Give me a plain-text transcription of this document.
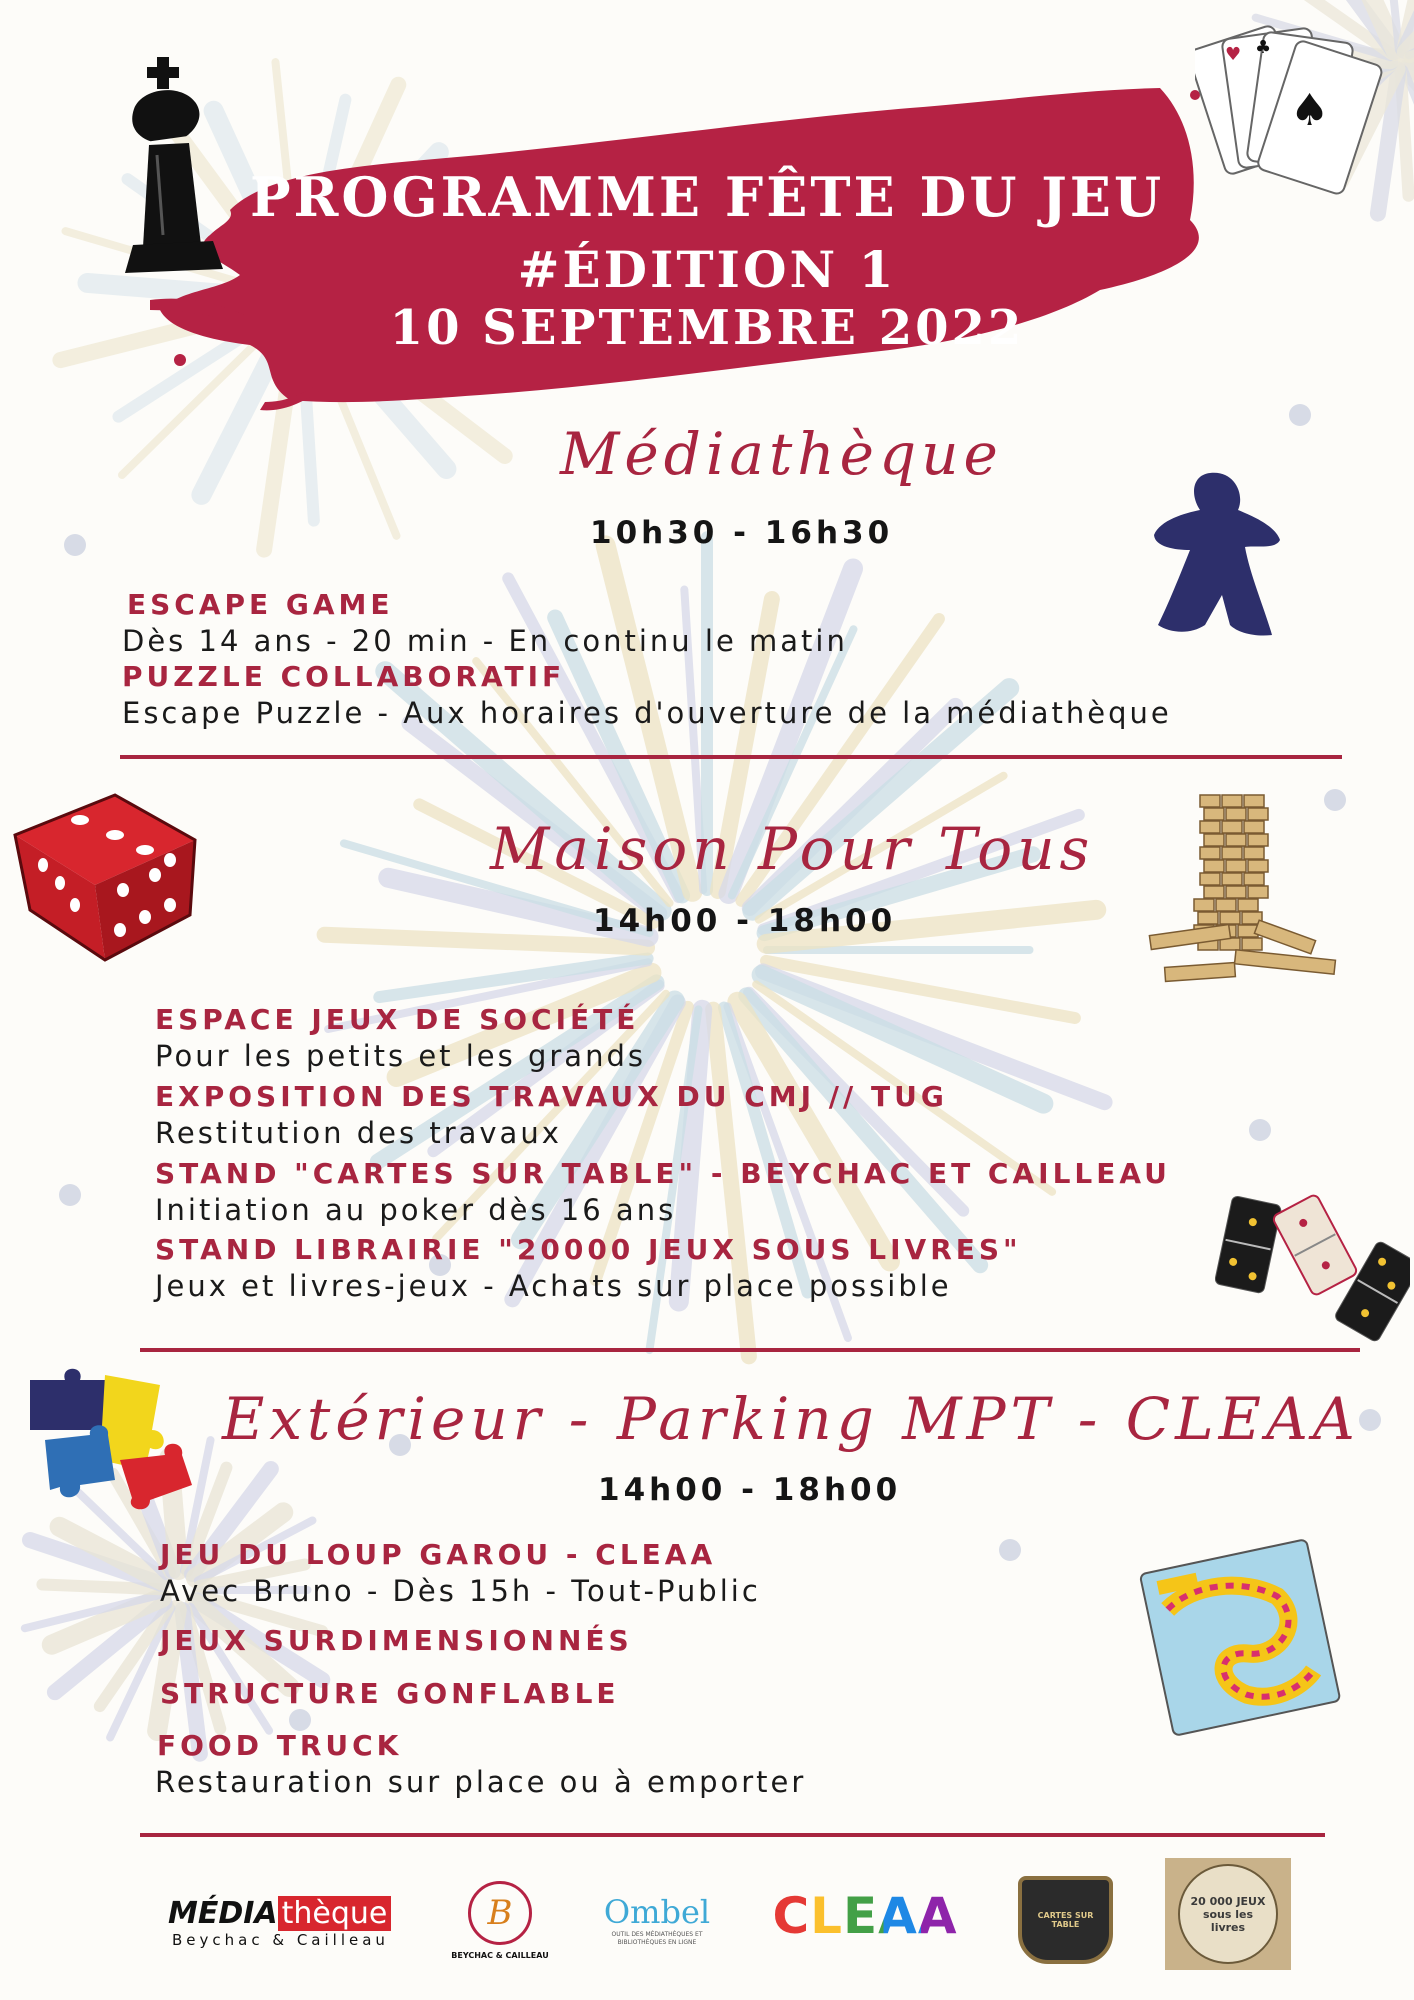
PROGRAMME FÊTE DU JEU
#ÉDITION 1
10 SEPTEMBRE 2022
♥ ♣
♠
Médiathèque
10h30 - 16h30
ESCAPE GAME
Dès 14 ans - 20 min - En continu le matin
PUZZLE COLLABORATIF
Escape Puzzle - Aux horaires d'ouverture de la médiathèque
Maison Pour Tous
14h00 - 18h00
ESPACE JEUX DE SOCIÉTÉ
Pour les petits et les grands
EXPOSITION DES TRAVAUX DU CMJ // TUG
Restitution des travaux
STAND "CARTES SUR TABLE" - BEYCHAC ET CAILLEAU
Initiation au poker dès 16 ans
STAND LIBRAIRIE "20000 JEUX SOUS LIVRES"
Jeux et livres-jeux - Achats sur place possible
Extérieur - Parking MPT - CLEAA
14h00 - 18h00
JEU DU LOUP GAROU - CLEAA
Avec Bruno - Dès 15h - Tout-Public
JEUX SURDIMENSIONNÉS
STRUCTURE GONFLABLE
FOOD TRUCK
Restauration sur place ou à emporter
MÉDIA thèque
Beychac & Cailleau
B
BEYCHAC & CAILLEAU
Ombel
OUTIL DES MÉDIATHÈQUES ET BIBLIOTHÈQUES EN LIGNE	CLEAA	CARTES SUR TABLE
20 000 JEUX sous les livres
